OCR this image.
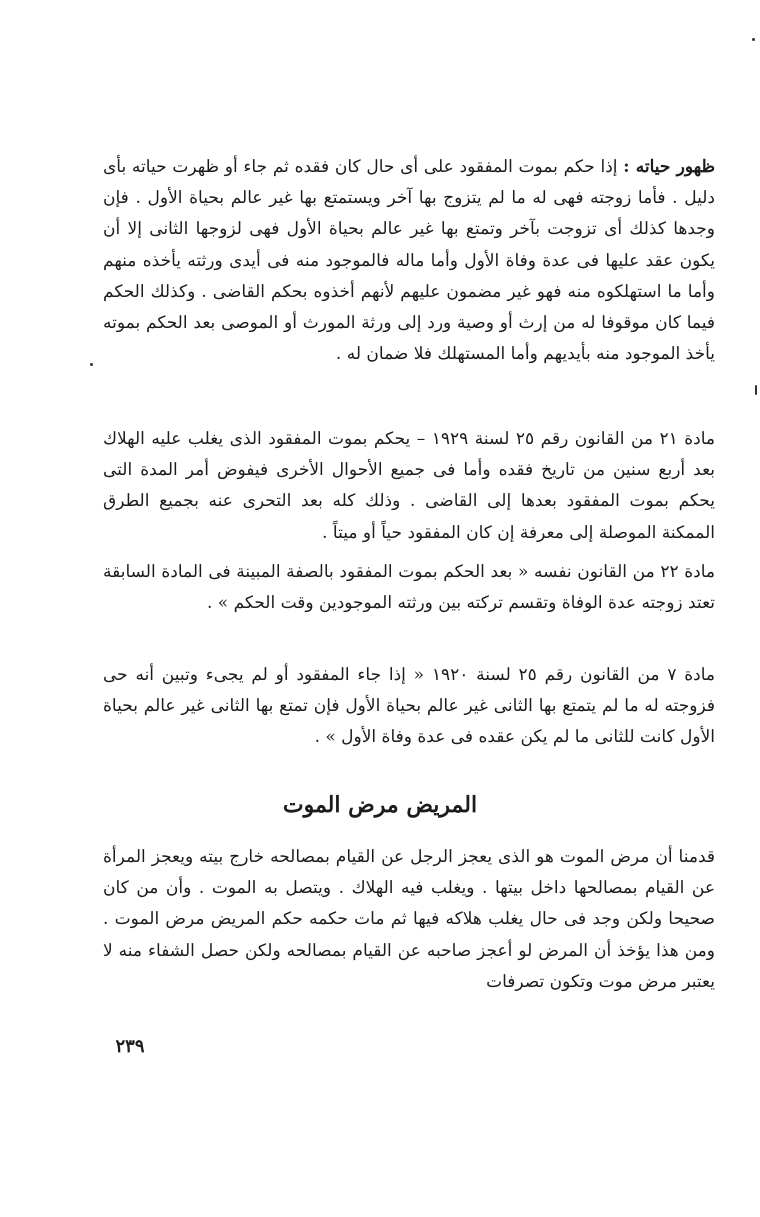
ظهور حياته : إذا حكم بموت المفقود على أى حال كان فقده ثم جاء أو ظهرت حياته بأى دليل . فأما زوجته فهى له ما لم يتزوج بها آخر ويستمتع بها غير عالم بحياة الأول . فإن وجدها كذلك أى تزوجت بآخر وتمتع بها غير عالم بحياة الأول فهى لزوجها الثانى إلا أن يكون عقد عليها فى عدة وفاة الأول وأما ماله فالموجود منه فى أيدى ورثته يأخذه منهم وأما ما استهلكوه منه فهو غير مضمون عليهم لأنهم أخذوه بحكم القاضى . وكذلك الحكم فيما كان موقوفا له من إرث أو وصية ورد إلى ورثة المورث أو الموصى بعد الحكم بموته يأخذ الموجود منه بأيديهم وأما المستهلك فلا ضمان له .

مادة ٢١ من القانون رقم ٢٥ لسنة ١٩٢٩ – يحكم بموت المفقود الذى يغلب عليه الهلاك بعد أربع سنين من تاريخ فقده وأما فى جميع الأحوال الأخرى فيفوض أمر المدة التى يحكم بموت المفقود بعدها إلى القاضى . وذلك كله بعد التحرى عنه بجميع الطرق الممكنة الموصلة إلى معرفة إن كان المفقود حياً أو ميتاً .

مادة ٢٢ من القانون نفسه « بعد الحكم بموت المفقود بالصفة المبينة فى المادة السابقة تعتد زوجته عدة الوفاة وتقسم تركته بين ورثته الموجودين وقت الحكم » .

مادة ٧ من القانون رقم ٢٥ لسنة ١٩٢٠ « إذا جاء المفقود أو لم يجىء وتبين أنه حى فزوجته له ما لم يتمتع بها الثانى غير عالم بحياة الأول فإن تمتع بها الثانى غير عالم بحياة الأول كانت للثانى ما لم يكن عقده فى عدة وفاة الأول » .

المريض مرض الموت

قدمنا أن مرض الموت هو الذى يعجز الرجل عن القيام بمصالحه خارج بيته ويعجز المرأة عن القيام بمصالحها داخل بيتها . ويغلب فيه الهلاك . ويتصل به الموت . وأن من كان صحيحا ولكن وجد فى حال يغلب هلاكه فيها ثم مات حكمه حكم المريض مرض الموت . ومن هذا يؤخذ أن المرض لو أعجز صاحبه عن القيام بمصالحه ولكن حصل الشفاء منه لا يعتبر مرض موت وتكون تصرفات

٢٣٩
